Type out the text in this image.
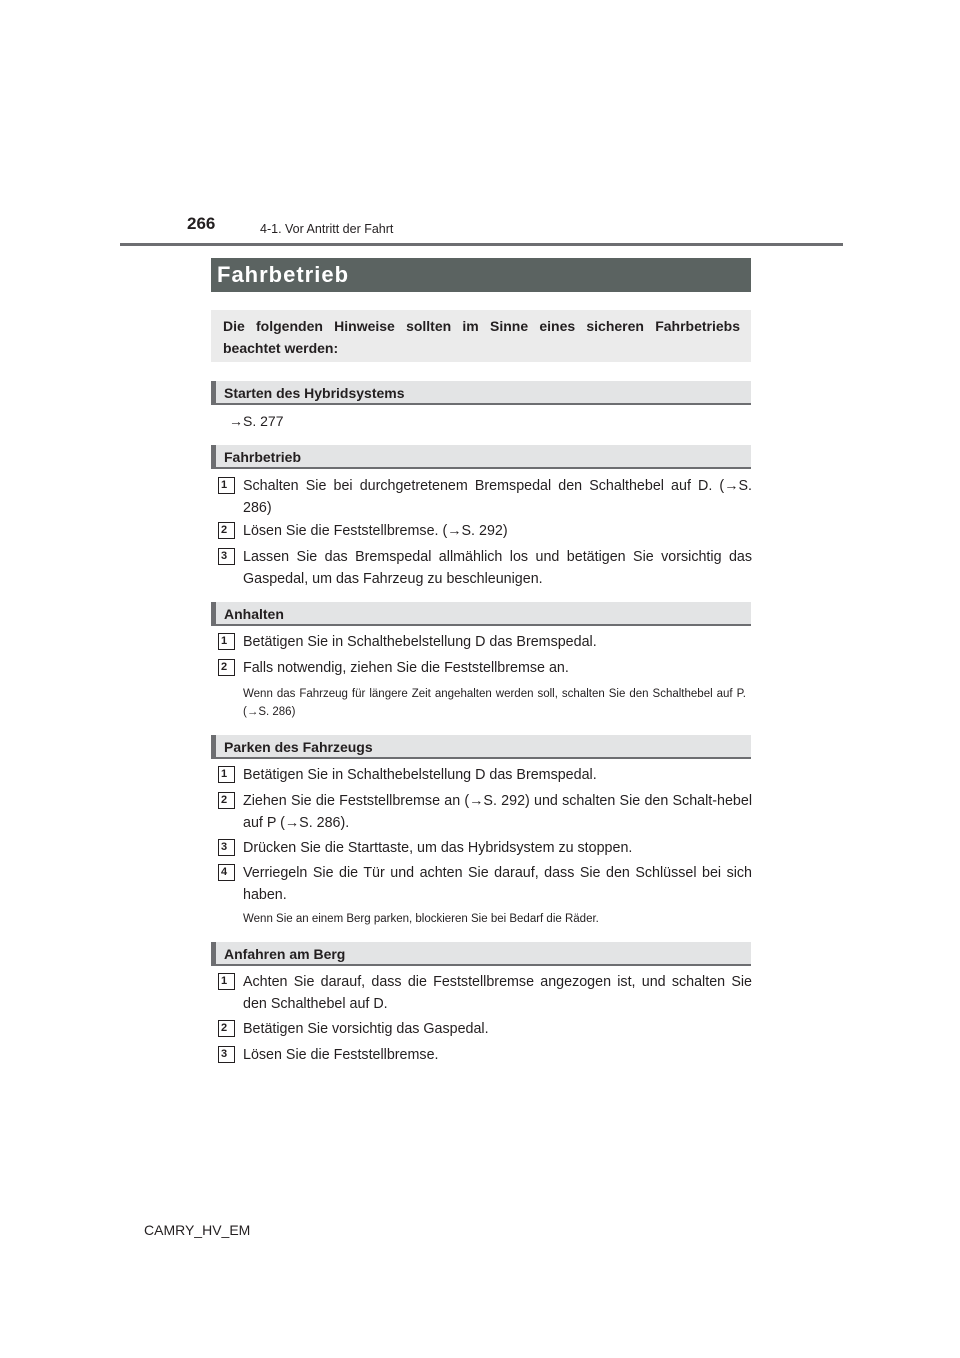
266	4-1. Vor Antritt der Fahrt
Fahrbetrieb
Die folgenden Hinweise sollten im Sinne eines sicheren Fahrbetriebs beachtet werden:
Starten des Hybridsystems
→S. 277
Fahrbetrieb
1	Schalten Sie bei durchgetretenem Bremspedal den Schalthebel auf D. (→S. 286)
2	Lösen Sie die Feststellbremse. (→S. 292)
3	Lassen Sie das Bremspedal allmählich los und betätigen Sie vorsichtig das Gaspedal, um das Fahrzeug zu beschleunigen.
Anhalten
1	Betätigen Sie in Schalthebelstellung D das Bremspedal.
2	Falls notwendig, ziehen Sie die Feststellbremse an.
Wenn das Fahrzeug für längere Zeit angehalten werden soll, schalten Sie den Schalthebel auf P. (→S. 286)
Parken des Fahrzeugs
1	Betätigen Sie in Schalthebelstellung D das Bremspedal.
2	Ziehen Sie die Feststellbremse an (→S. 292) und schalten Sie den Schalt-hebel auf P (→S. 286).
3	Drücken Sie die Starttaste, um das Hybridsystem zu stoppen.
4	Verriegeln Sie die Tür und achten Sie darauf, dass Sie den Schlüssel bei sich haben.
Wenn Sie an einem Berg parken, blockieren Sie bei Bedarf die Räder.
Anfahren am Berg
1	Achten Sie darauf, dass die Feststellbremse angezogen ist, und schalten Sie den Schalthebel auf D.
2	Betätigen Sie vorsichtig das Gaspedal.
3	Lösen Sie die Feststellbremse.
CAMRY_HV_EM
